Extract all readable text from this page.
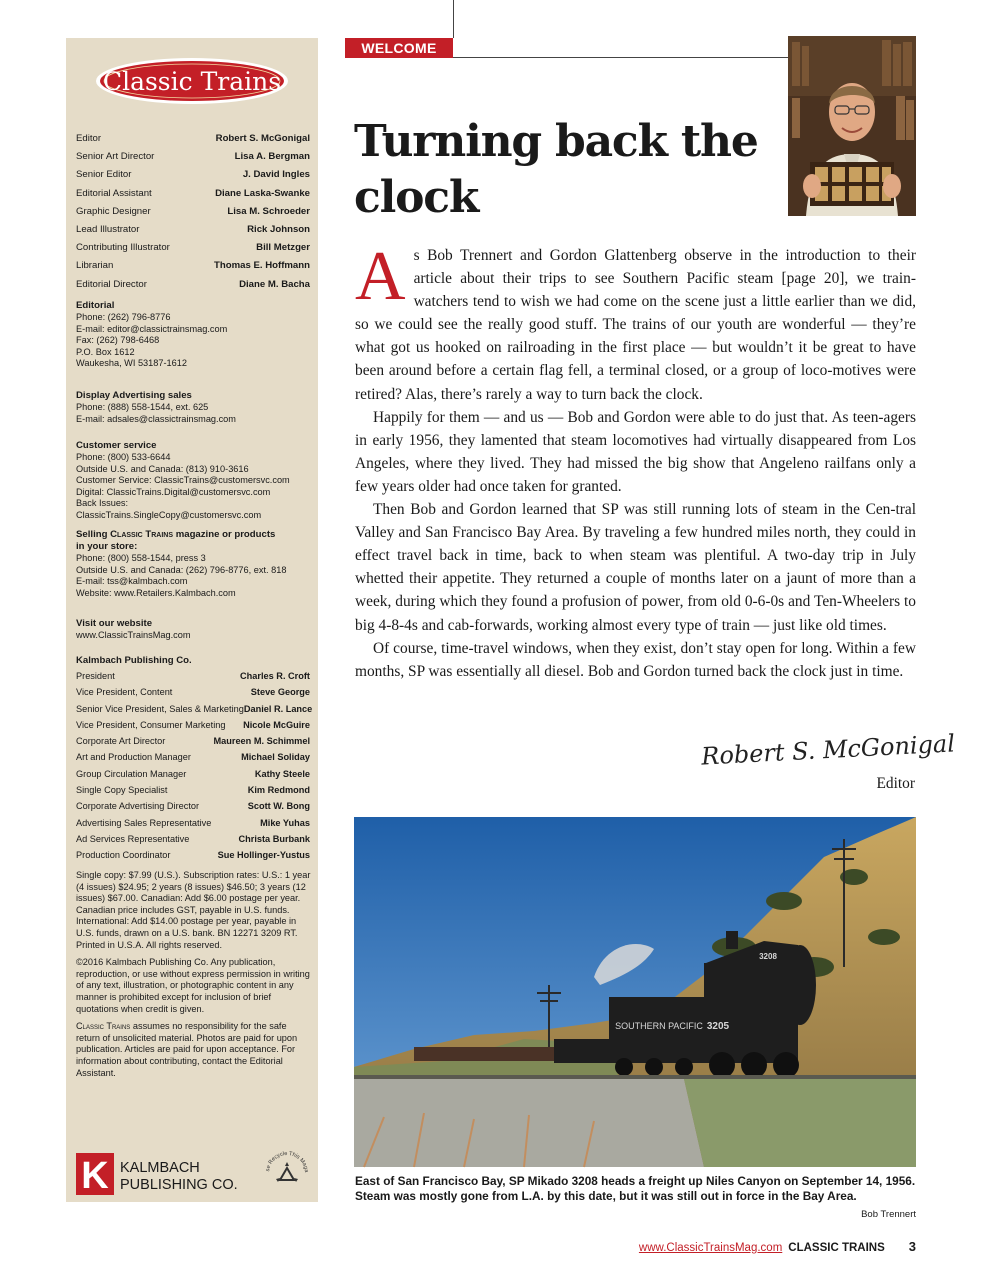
Classic Trains
Editor	Robert S. McGonigal
Senior Art Director	Lisa A. Bergman
Senior Editor	J. David Ingles
Editorial Assistant	Diane Laska-Swanke
Graphic Designer	Lisa M. Schroeder
Lead Illustrator	Rick Johnson
Contributing Illustrator	Bill Metzger
Librarian	Thomas E. Hoffmann
Editorial Director	Diane M. Bacha
Editorial
Phone: (262) 796-8776
E-mail: editor@classictrainsmag.com
Fax: (262) 798-6468
P.O. Box 1612
Waukesha, WI 53187-1612
Display Advertising sales
Phone: (888) 558-1544, ext. 625
E-mail: adsales@classictrainsmag.com
Customer service
Phone: (800) 533-6644
Outside U.S. and Canada: (813) 910-3616
Customer Service: ClassicTrains@customersvc.com
Digital: ClassicTrains.Digital@customersvc.com
Back Issues: ClassicTrains.SingleCopy@customersvc.com
Selling Classic Trains magazine or products
in your store:
Phone: (800) 558-1544, press 3
Outside U.S. and Canada: (262) 796-8776, ext. 818
E-mail: tss@kalmbach.com
Website: www.Retailers.Kalmbach.com
Visit our website
www.ClassicTrainsMag.com
Kalmbach Publishing Co.
President	Charles R. Croft
Vice President, Content	Steve George
Senior Vice President, Sales & Marketing Daniel R. Lance
Vice President, Consumer Marketing Nicole McGuire
Corporate Art Director	Maureen M. Schimmel
Art and Production Manager	Michael Soliday
Group Circulation Manager	Kathy Steele
Single Copy Specialist	Kim Redmond
Corporate Advertising Director	Scott W. Bong
Advertising Sales Representative	Mike Yuhas
Ad Services Representative	Christa Burbank
Production Coordinator	Sue Hollinger-Yustus

Single copy: $7.99 (U.S.). Subscription rates: U.S.: 1 year (4 issues) $24.95; 2 years (8 issues) $46.50; 3 years (12 issues) $67.00. Canadian: Add $6.00 postage per year. Canadian price includes GST, payable in U.S. funds. International: Add $14.00 postage per year, payable in U.S. funds, drawn on a U.S. bank. BN 12271 3209 RT. Printed in U.S.A. All rights reserved.

©2016 Kalmbach Publishing Co. Any publication, reproduction, or use without express permission in writing of any text, illustration, or photographic content in any manner is prohibited except for inclusion of brief quotations when credit is given.

Classic Trains assumes no responsibility for the safe return of unsolicited material. Photos are paid for upon publication. Articles are paid for upon acceptance. For information about contributing, contact the Editorial Assistant.

K KALMBACH
PUBLISHING CO.
se Recycle This Maga
WELCOME
Turning back the clock

As Bob Trennert and Gordon Glattenberg observe in the introduction to their article about their trips to see Southern Pacific steam [page 20], we train-watchers tend to wish we had come on the scene just a little earlier than we did, so we could see the really good stuff. The trains of our youth are wonderful — they’re what got us hooked on railroading in the first place — but wouldn’t it be great to have been around before a certain flag fell, a terminal closed, or a group of loco-motives were retired? Alas, there’s rarely a way to turn back the clock.

Happily for them — and us — Bob and Gordon were able to do just that. As teen-agers in early 1956, they lamented that steam locomotives had virtually disappeared from Los Angeles, where they lived. They had missed the big show that Angeleno railfans only a few years older had once taken for granted.

Then Bob and Gordon learned that SP was still running lots of steam in the Cen-tral Valley and San Francisco Bay Area. By traveling a few hundred miles north, they could in effect travel back in time, back to when steam was plentiful. A two-day trip in July whetted their appetite. They returned a couple of months later on a jaunt of more than a week, during which they found a profusion of power, from old 0-6-0s and Ten-Wheelers to big 4-8-4s and cab-forwards, working almost every type of train — just like old times.

Of course, time-travel windows, when they exist, don’t stay open for long. Within a few months, SP was essentially all diesel. Bob and Gordon turned back the clock just in time.

Robert S. McGonigal
Editor
SOUTHERN PACIFIC 3205
3208

East of San Francisco Bay, SP Mikado 3208 heads a freight up Niles Canyon on September 14, 1956. Steam was mostly gone from L.A. by this date, but it was still out in force in the Bay Area.

Bob Trennert
www.ClassicTrainsMag.com CLASSIC TRAINS 3
